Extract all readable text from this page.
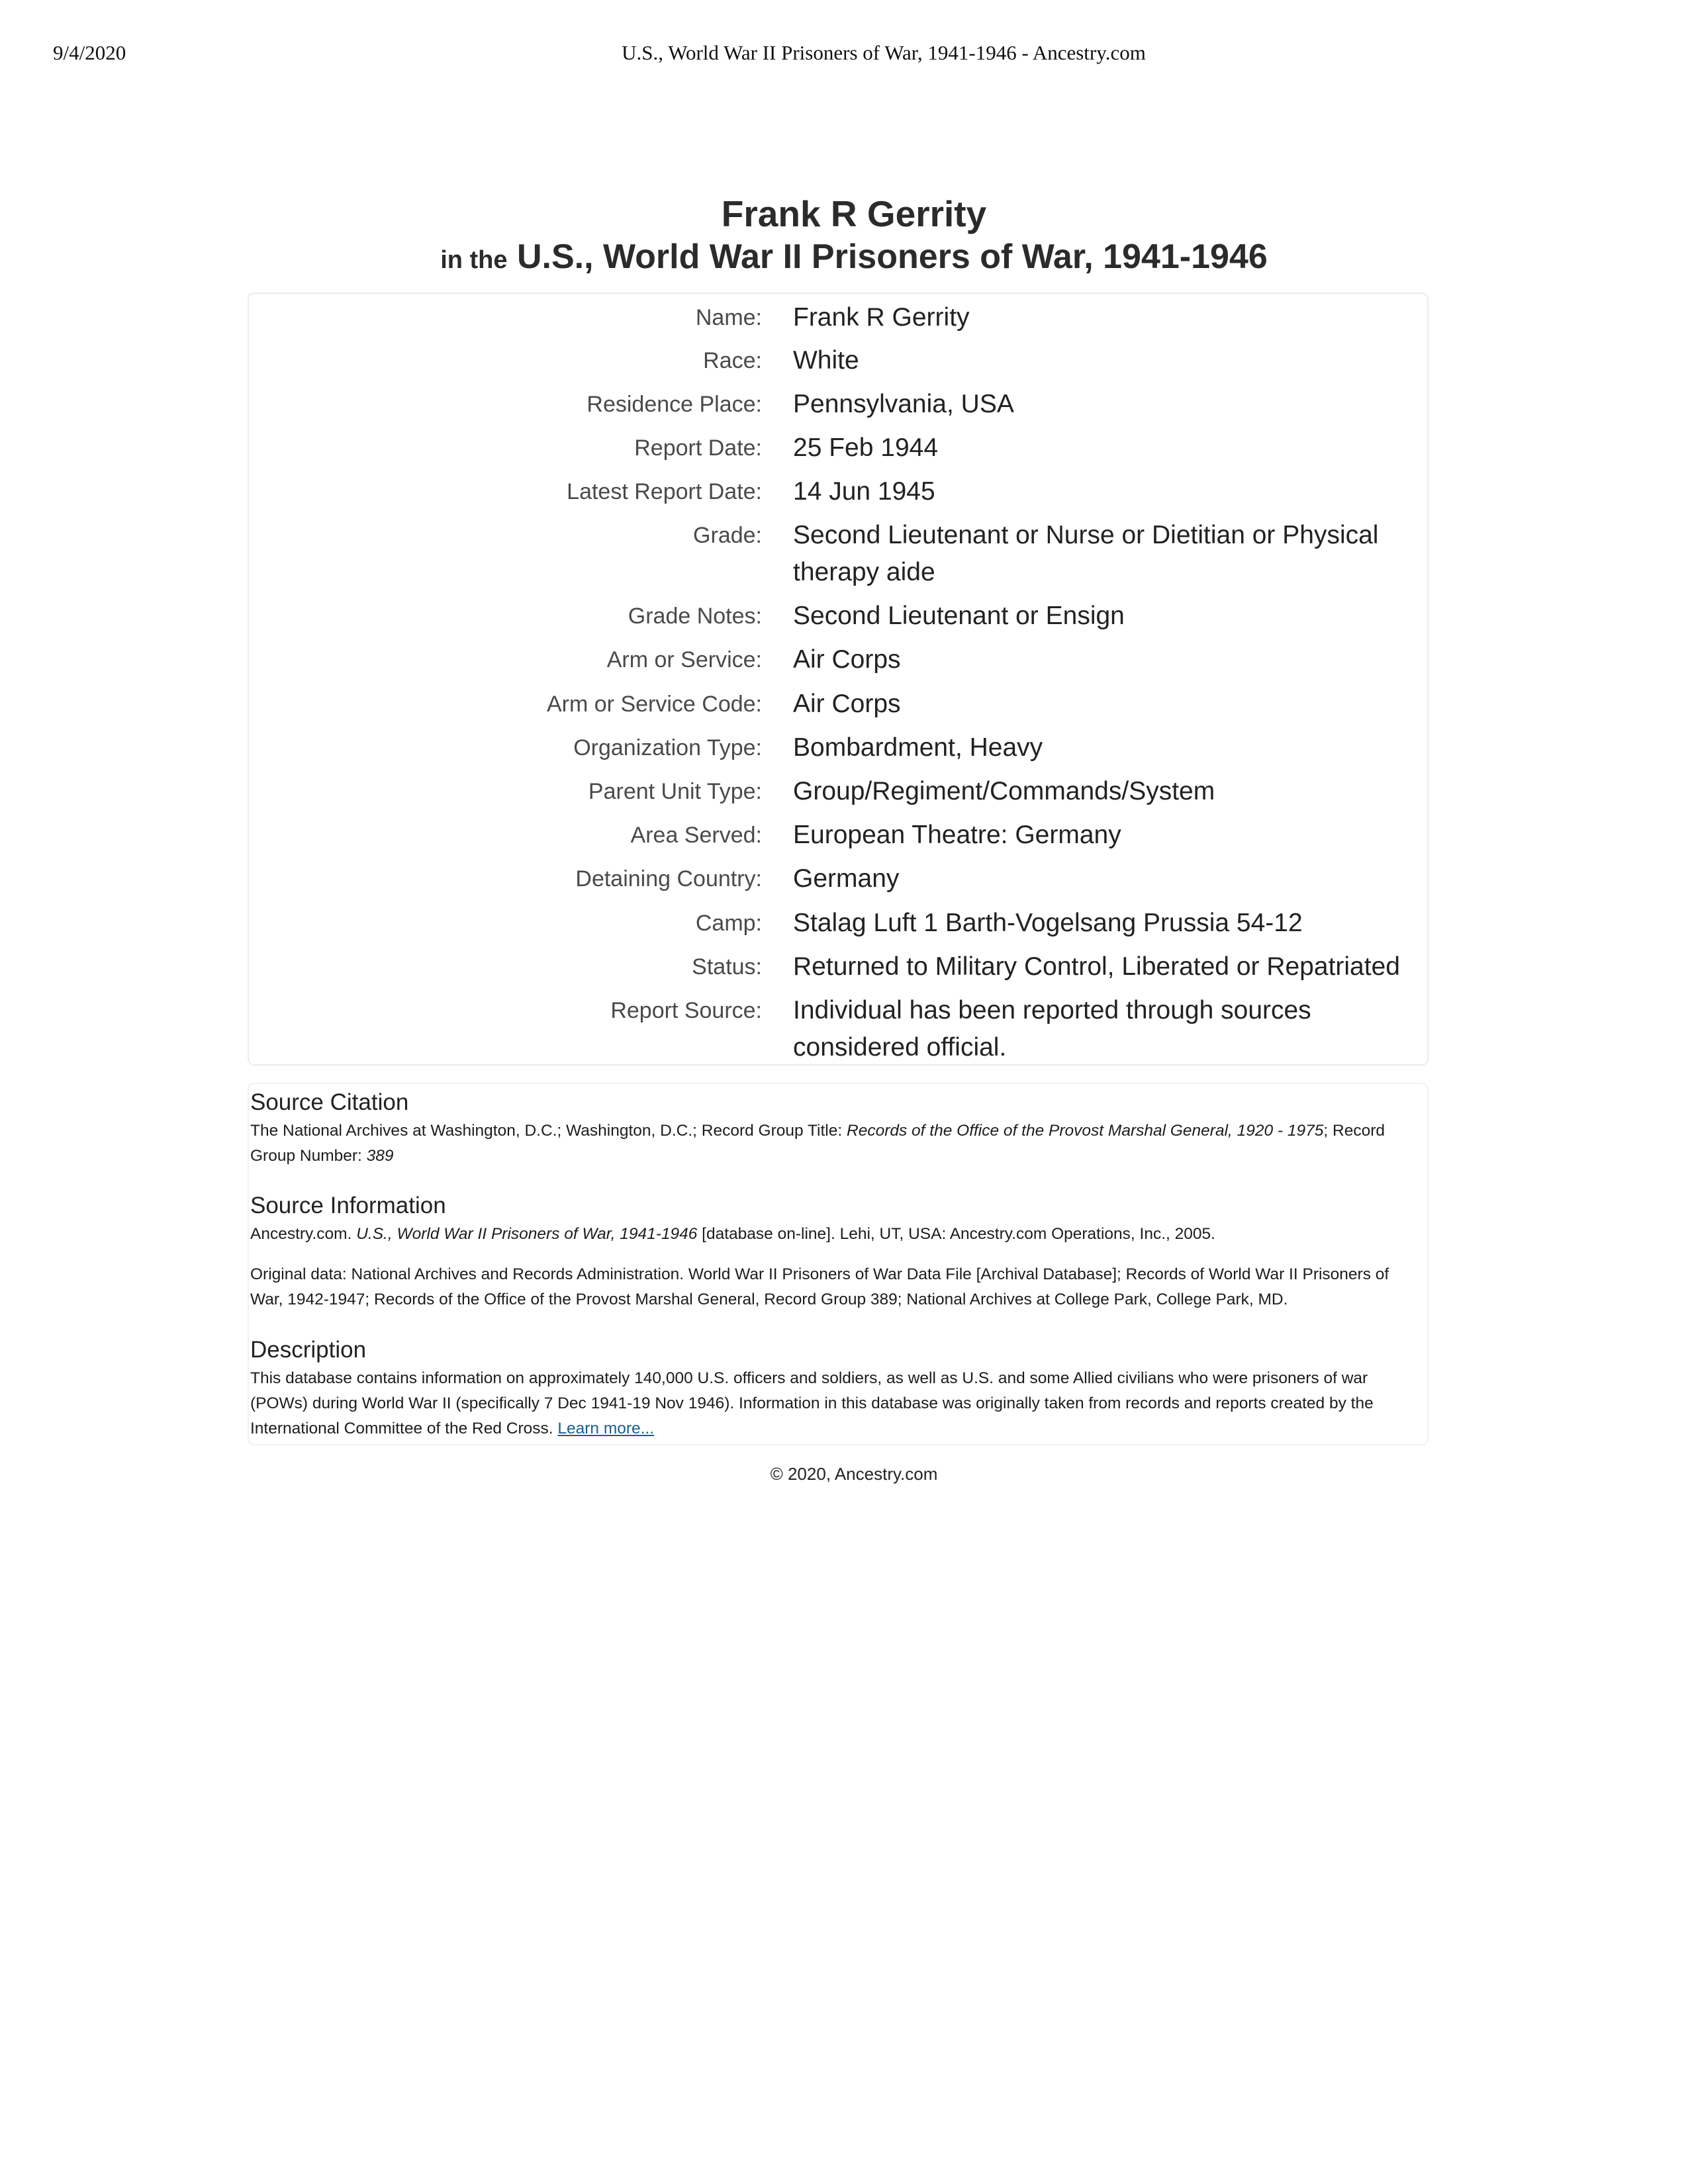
9/4/2020	U.S., World War II Prisoners of War, 1941-1946 - Ancestry.com
Frank R Gerrity
in the U.S., World War II Prisoners of War, 1941-1946
Name: Frank R Gerrity
Race: White
Residence Place: Pennsylvania, USA
Report Date: 25 Feb 1944
Latest Report Date: 14 Jun 1945
Grade: Second Lieutenant or Nurse or Dietitian or Physical therapy aide
Grade Notes: Second Lieutenant or Ensign
Arm or Service: Air Corps
Arm or Service Code: Air Corps
Organization Type: Bombardment, Heavy
Parent Unit Type: Group/Regiment/Commands/System
Area Served: European Theatre: Germany
Detaining Country: Germany
Camp: Stalag Luft 1 Barth-Vogelsang Prussia 54-12
Status: Returned to Military Control, Liberated or Repatriated
Report Source: Individual has been reported through sources considered official.
Source Citation
The National Archives at Washington, D.C.; Washington, D.C.; Record Group Title: Records of the Office of the Provost Marshal General, 1920 - 1975; Record Group Number: 389
Source Information
Ancestry.com. U.S., World War II Prisoners of War, 1941-1946 [database on-line]. Lehi, UT, USA: Ancestry.com Operations, Inc., 2005.
Original data: National Archives and Records Administration. World War II Prisoners of War Data File [Archival Database]; Records of World War II Prisoners of War, 1942-1947; Records of the Office of the Provost Marshal General, Record Group 389; National Archives at College Park, College Park, MD.
Description
This database contains information on approximately 140,000 U.S. officers and soldiers, as well as U.S. and some Allied civilians who were prisoners of war (POWs) during World War II (specifically 7 Dec 1941-19 Nov 1946). Information in this database was originally taken from records and reports created by the International Committee of the Red Cross. Learn more...
© 2020, Ancestry.com
